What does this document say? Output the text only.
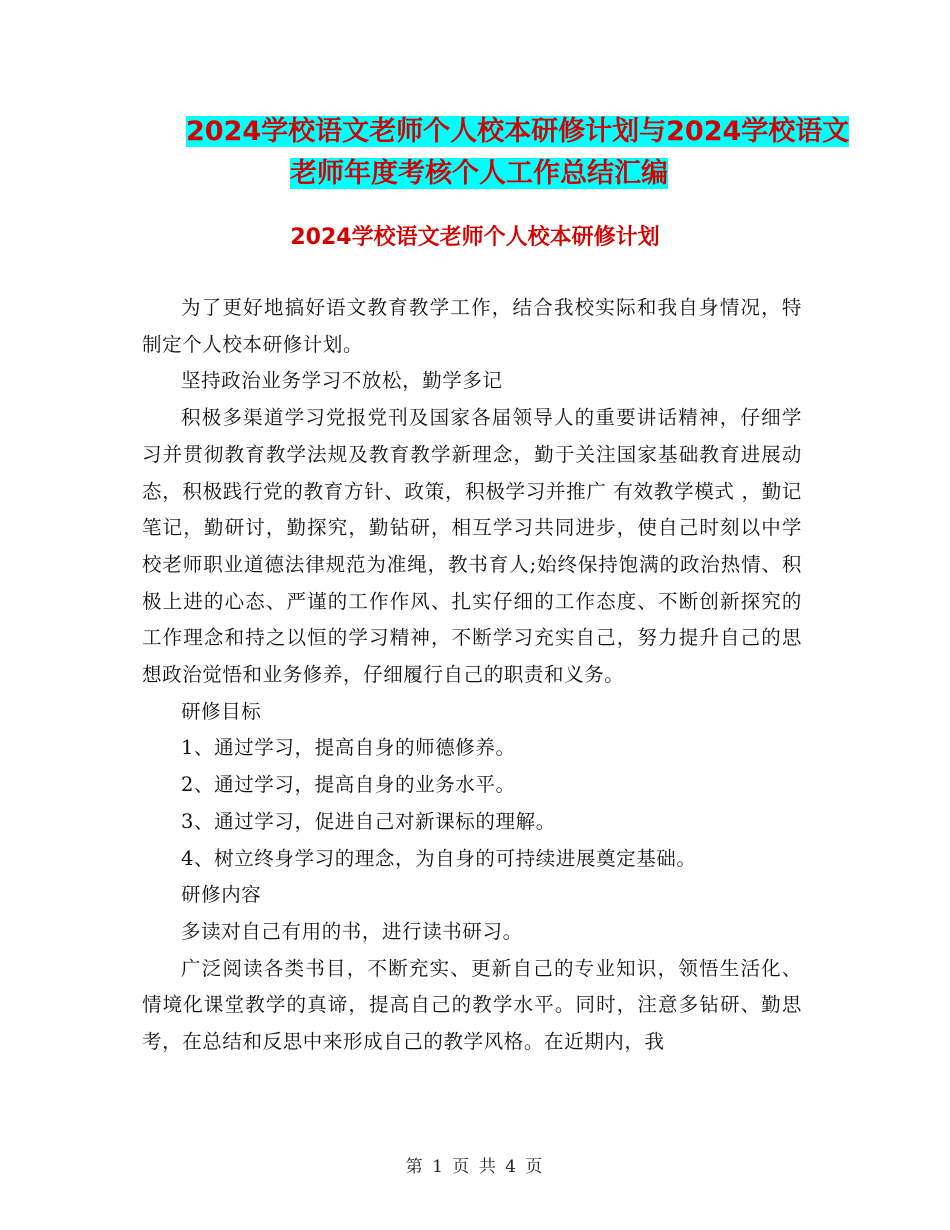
2024学校语文老师个人校本研修计划与2024学校语文
老师年度考核个人工作总结汇编
2024学校语文老师个人校本研修计划

为了更好地搞好语文教育教学工作，结合我校实际和我自身情况，特制定个人校本研修计划。

坚持政治业务学习不放松，勤学多记

积极多渠道学习党报党刊及国家各届领导人的重要讲话精神，仔细学习并贯彻教育教学法规及教育教学新理念，勤于关注国家基础教育进展动态，积极践行党的教育方针、政策，积极学习并推广 有效教学模式 ，勤记笔记，勤研讨，勤探究，勤钻研，相互学习共同进步，使自己时刻以中学校老师职业道德法律规范为准绳，教书育人;始终保持饱满的政治热情、积极上进的心态、严谨的工作作风、扎实仔细的工作态度、不断创新探究的工作理念和持之以恒的学习精神，不断学习充实自己，努力提升自己的思想政治觉悟和业务修养，仔细履行自己的职责和义务。

研修目标

1、通过学习，提高自身的师德修养。

2、通过学习，提高自身的业务水平。

3、通过学习，促进自己对新课标的理解。

4、树立终身学习的理念，为自身的可持续进展奠定基础。

研修内容

多读对自己有用的书，进行读书研习。

广泛阅读各类书目，不断充实、更新自己的专业知识，领悟生活化、情境化课堂教学的真谛，提高自己的教学水平。同时，注意多钻研、勤思考，在总结和反思中来形成自己的教学风格。在近期内，我

第 1 页 共 4 页
